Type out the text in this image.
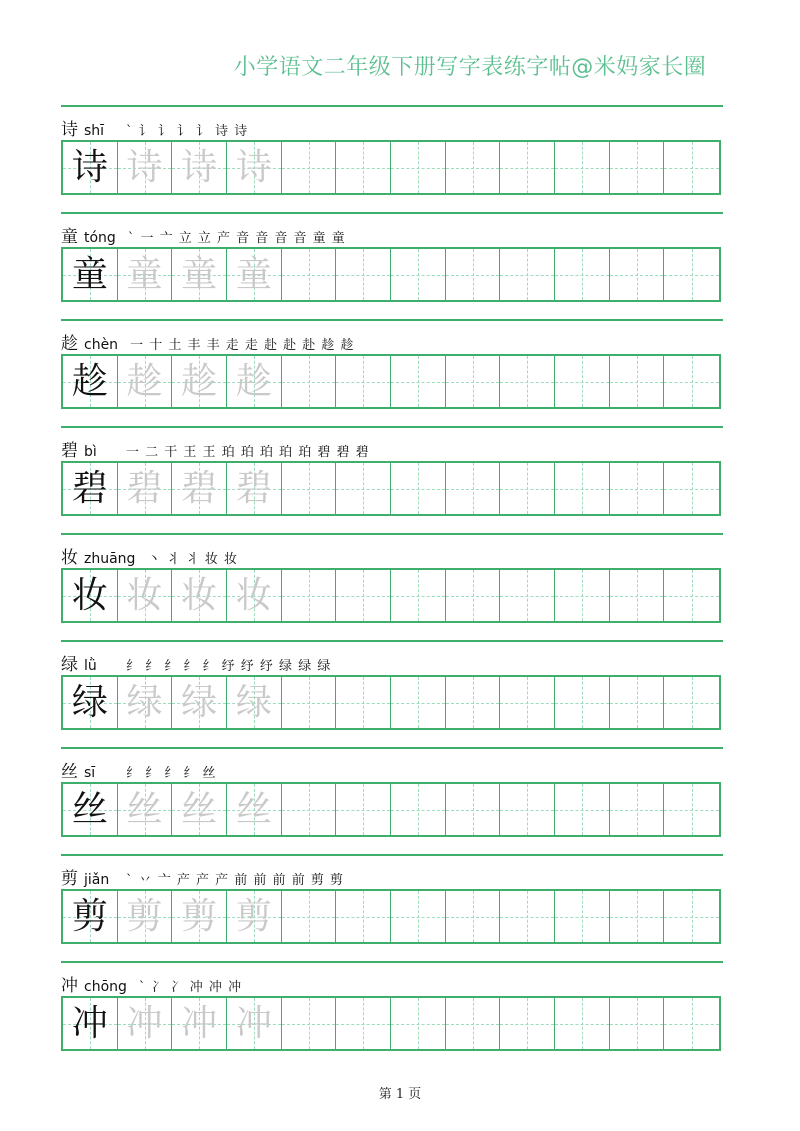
小学语文二年级下册写字表练字帖@米妈家长圈
诗 shī	` 讠 讠 讠 讠 诗 诗
诗 诗 诗 诗
童 tóng ` 一 亠 立 立 产 音 音 音 音 童 童
童 童 童 童
趁 chèn 一 十 土 丰 丰 走 走 赴 赴 赴 趁 趁
趁 趁 趁 趁
碧 bì	一 二 干 王 王 珀 珀 珀 珀 珀 碧 碧 碧
碧 碧 碧 碧
妆 zhuāng 丶 丬 丬 妆 妆
妆 妆 妆 妆
绿 lǜ	纟 纟 纟 纟 纟 纾 纾 纾 绿 绿 绿
绿 绿 绿 绿
丝 sī	纟 纟 纟 纟 丝
丝 丝 丝 丝
剪 jiǎn	` 丷 亠 产 产 产 前 前 前 前 剪 剪
剪 剪 剪 剪
冲 chōng ` 冫 冫 冲 冲 冲
冲 冲 冲 冲
第 1 页
